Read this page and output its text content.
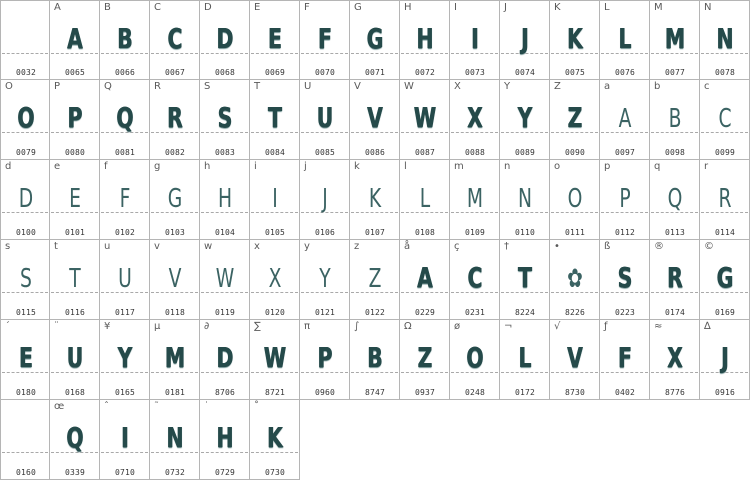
0032
A
A
0065
B
B
0066
C
C
0067
D
D
0068
E
E
0069
F
F
0070
G
G
0071
H
H
0072
I
I
0073
J
J
0074
K
K
0075
L
L
0076
M
M
0077
N
N
0078
O
O
0079
P
P
0080
Q
Q
0081
R
R
0082
S
S
0083
T
T
0084
U
U
0085
V
V
0086
W
W
0087
X
X
0088
Y
Y
0089
Z
Z
0090
a
A
0097
b
B
0098
c
C
0099
d
D
0100
e
E
0101
f
F
0102
g
G
0103
h
H
0104
i
I
0105
j
J
0106
k
K
0107
l
L
0108
m
M
0109
n
N
0110
o
O
0111
p
P
0112
q
Q
0113
r
R
0114
s
S
0115
t
T
0116
u
U
0117
v
V
0118
w
W
0119
x
X
0120
y
Y
0121
z
Z
0122
å
A
0229
ç
C
0231
†
T
8224
•
✿
8226
ß
S
0223
®
R
0174
©
G
0169
´
E
0180
¨
U
0168
¥
Y
0165
µ
M
0181
∂
D
8706
∑
W
8721
π
P
0960
∫
B
8747
Ω
Z
0937
ø
O
0248
¬
L
0172
√
V
8730
ƒ
F
0402
≈
X
8776
∆
J
0916
0160
œ
Q
0339
ˆ
I
0710
˜
N
0732
˙
H
0729
˚
K
0730
